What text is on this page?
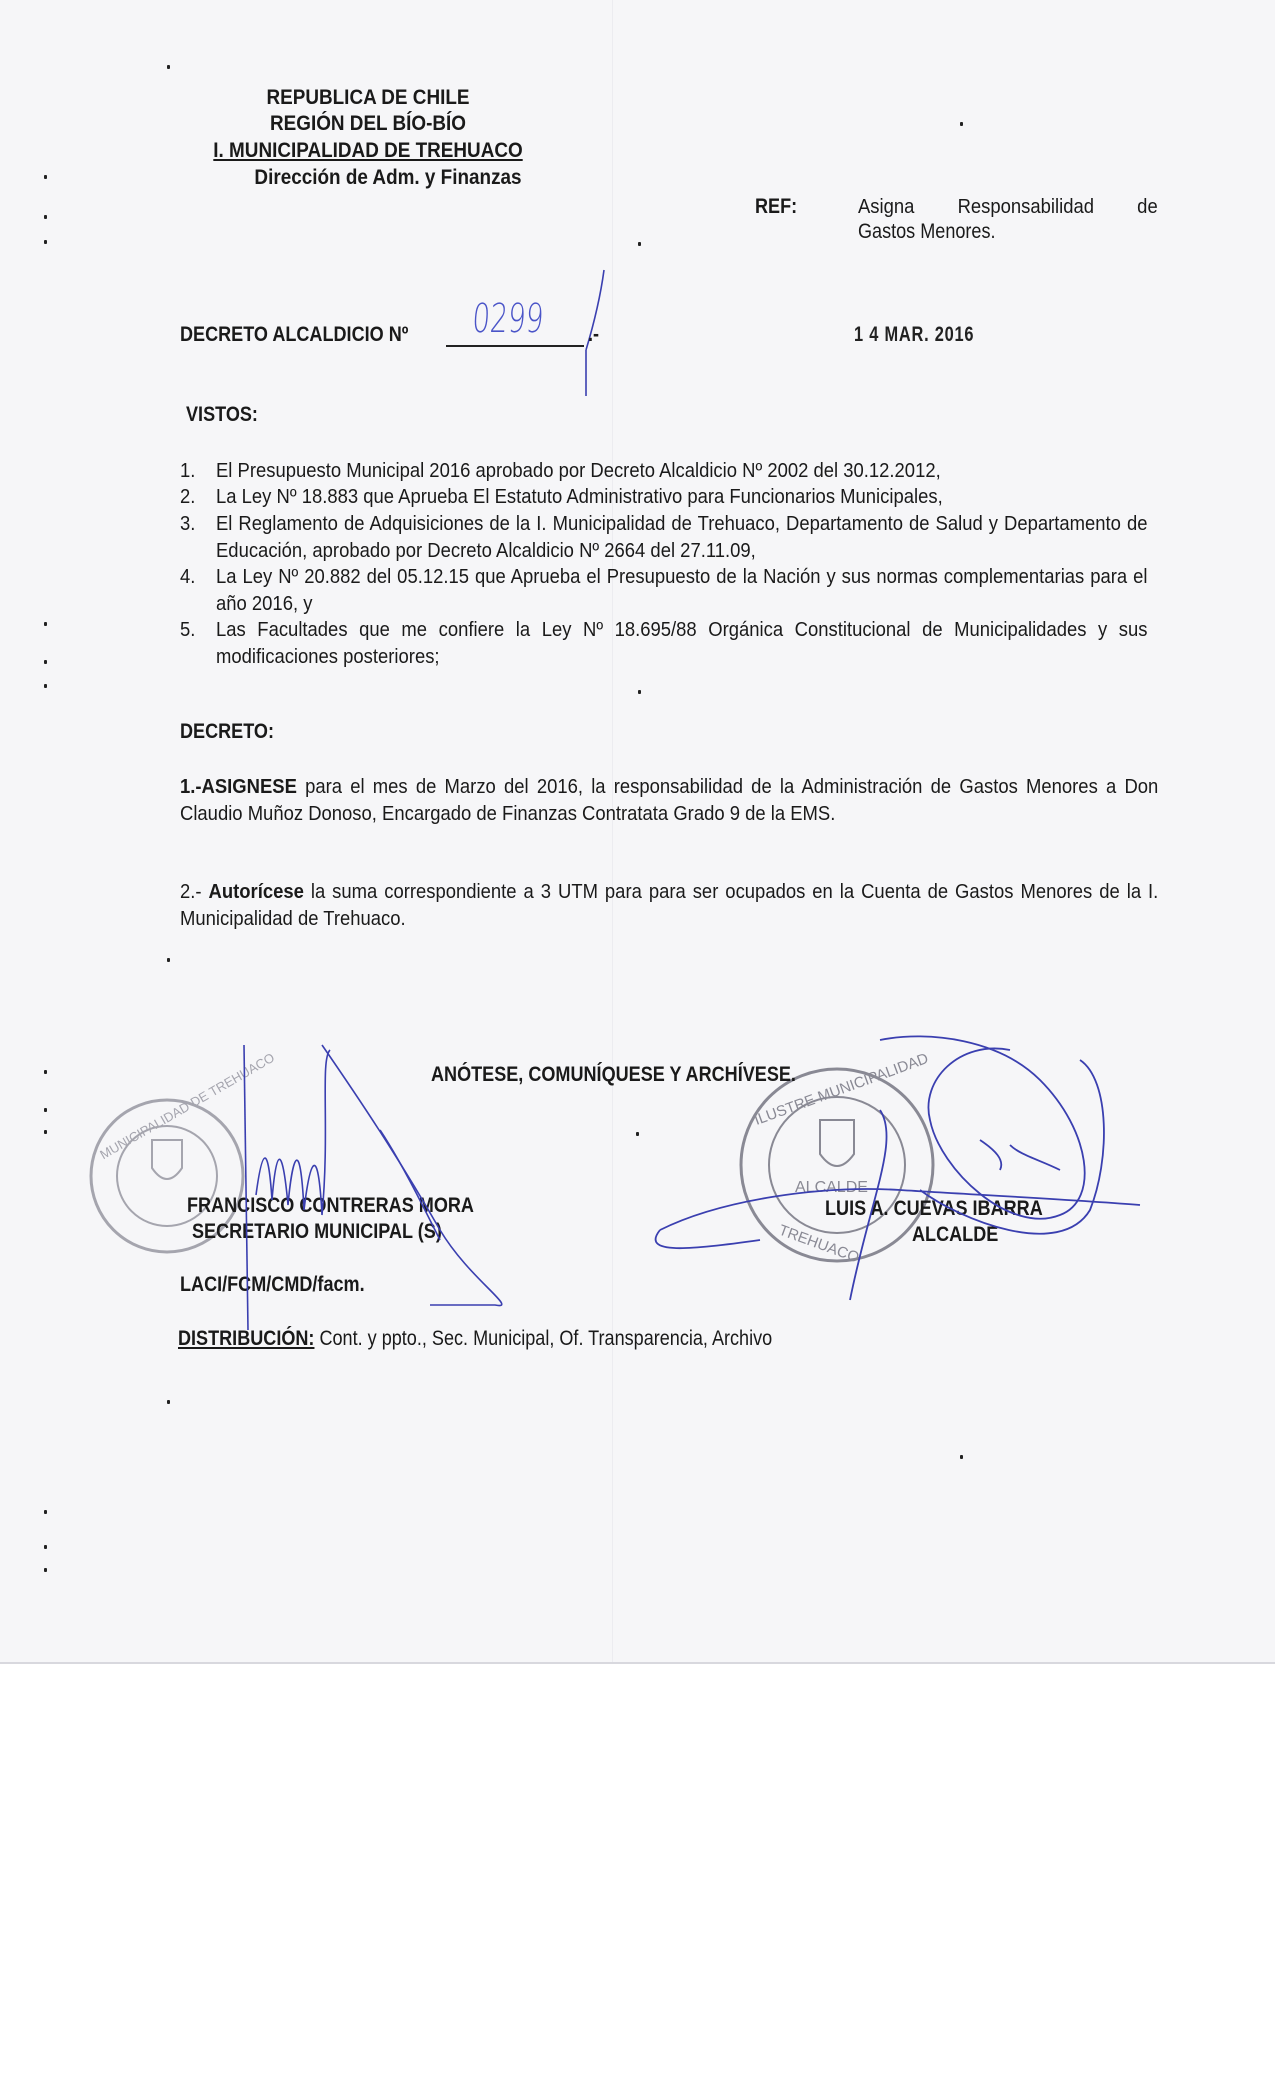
REPUBLICA DE CHILE
REGIÓN DEL BÍO-BÍO
I. MUNICIPALIDAD DE TREHUACO
Dirección de Adm. y Finanzas
REF:	Asigna Responsabilidad de
Gastos Menores.
DECRETO ALCALDICIO Nº 0299 .-	1 4 MAR. 2016
VISTOS:
1.	El Presupuesto Municipal 2016 aprobado por Decreto Alcaldicio Nº 2002 del 30.12.2012,
2.	La Ley Nº 18.883 que Aprueba El Estatuto Administrativo para Funcionarios Municipales,
3.	El Reglamento de Adquisiciones de la I. Municipalidad de Trehuaco, Departamento de Salud y Departamento de Educación, aprobado por Decreto Alcaldicio Nº 2664 del 27.11.09,
4.	La Ley Nº 20.882 del 05.12.15 que Aprueba el Presupuesto de la Nación y sus normas complementarias para el año 2016, y
5.	Las Facultades que me confiere la Ley Nº 18.695/88 Orgánica Constitucional de Municipalidades y sus modificaciones posteriores;
DECRETO:
1.-ASIGNESE para el mes de Marzo del 2016, la responsabilidad de la Administración de Gastos Menores a Don Claudio Muñoz Donoso, Encargado de Finanzas Contratata Grado 9 de la EMS.
2.- Autorícese la suma correspondiente a 3 UTM para para ser ocupados en la Cuenta de Gastos Menores de la I. Municipalidad de Trehuaco.
MUNICIPALIDAD DE TREHUACO
ALCALDE
ILUSTRE MUNICIPALIDAD
TREHUACO
ANÓTESE, COMUNÍQUESE Y ARCHÍVESE.
FRANCISCO CONTRERAS MORA
SECRETARIO MUNICIPAL (S)
LUIS A. CUEVAS IBARRA
ALCALDE
LACI/FCM/CMD/facm.
DISTRIBUCIÓN: Cont. y ppto., Sec. Municipal, Of. Transparencia, Archivo
